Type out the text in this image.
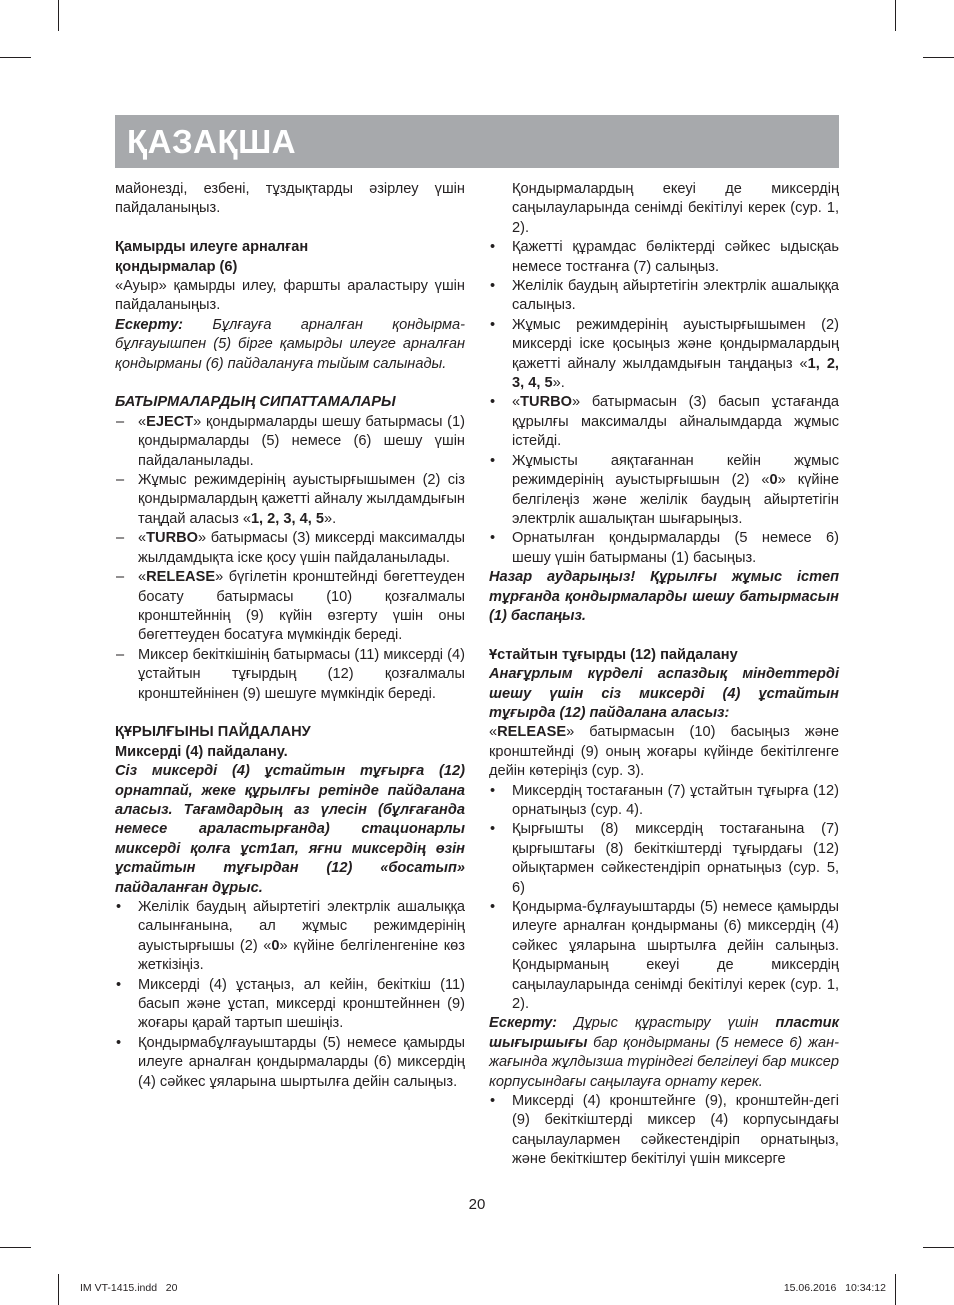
ҚАЗАҚША

майонезді, езбені, тұздықтарды әзірлеу үшін пайдаланыңыз.

Қамырды илеуге арналған
қондырмалар (6)

«Ауыр» қамырды илеу, фаршты араластыру үшін пайдаланыңыз.

Ескерту: Бұлғауға арналған қондырма-бұлғауышпен (5) бірге қамырды илеуге арналған қондырманы (6) пайдалануға тыйым салынады.

БАТЫРМАЛАРДЫҢ СИПАТТАМАЛАРЫ

– «EJECT» қондырмаларды шешу батырмасы (1) қондырмаларды (5) немесе (6) шешу үшін пайдаланылады.
– Жұмыс режимдерінің ауыстырғышымен (2) сіз қондырмалардың қажетті айналу жылдамдығын таңдай аласыз «1, 2, 3, 4, 5».
– «TURBO» батырмасы (3) миксерді максималды жылдамдықта іске қосу үшін пайдаланылады.
– «RELEASE» бүгілетін кронштейнді бөгеттеуден босату батырмасы (10) қозғалмалы кронштейннің (9) күйін өзгерту үшін оны бөгеттеуден босатуға мүмкіндік береді.
– Миксер бекіткішінің батырмасы (11) миксерді (4) ұстайтын тұғырдың (12) қозғалмалы кронштейнінен (9) шешуге мүмкіндік береді.

ҚҰРЫЛҒЫНЫ ПАЙДАЛАНУ

Миксерді (4) пайдалану.

Сіз миксерді (4) ұстайтын тұғырға (12) орнатпай, жеке құрылғы ретінде пайдалана аласыз. Тағамдардың аз үлесін (бұлғағанда немесе араластырғанда) стационарлы миксерді қолға ұст1ап, яғни миксердің өзін ұстайтын тұғырдан (12) «босатып» пайдаланған дұрыс.

• Желілік баудың айыртетігі электрлік ашалыққа салынғанына, ал жұмыс режимдерінің ауыстырғышы (2) «0» күйіне белгіленгеніне көз жеткізіңіз.
• Миксерді (4) ұстаңыз, ал кейін, бекіткіш (11) басып және ұстап, миксерді кронштейннен (9) жоғары қарай тартып шешіңіз.
• Қондырмабұлғауыштарды (5) немесе қамырды илеуге арналған қондырмаларды (6) миксердің (4) сәйкес ұяларына шыртылға дейін салыңыз.

Қондырмалардың екеуі де миксердің саңылауларында сенімді бекітілуі керек (сур. 1, 2).

• Қажетті құрамдас бөліктерді сәйкес ыдысқаь немесе тостғанға (7) салыңыз.
• Желілік баудың айыртетігін электрлік ашалыққа салыңыз.
• Жұмыс режимдерінің ауыстырғышымен (2) миксерді іске қосыңыз және қондырмалардың қажетті айналу жылдамдығын таңдаңыз «1, 2, 3, 4, 5».
• «TURBO» батырмасын (3) басып ұстағанда құрылғы максималды айналымдарда жұмыс істейді.
• Жұмысты аяқтағаннан кейін жұмыс режимдерінің ауыстырғышын (2) «0» күйіне белгілеңіз және желілік баудың айыртетігін электрлік ашалықтан шығарыңыз.
• Орнатылған қондырмаларды (5 немесе 6) шешу үшін батырманы (1) басыңыз.

Назар аударыңыз! Құрылғы жұмыс істеп тұрғанда қондырмаларды шешу батырмасын (1) баспаңыз.

Ұстайтын тұғырды (12) пайдалану

Анағұрлым күрделі аспаздық міндеттерді шешу үшін сіз миксерді (4) ұстайтын тұғырда (12) пайдалана аласыз:

«RELEASE» батырмасын (10) басыңыз және кронштейнді (9) оның жоғары күйінде бекітілгенге дейін көтеріңіз (сур. 3).

• Миксердің тостағанын (7) ұстайтын тұғырға (12) орнатыңыз (сур. 4).
• Қырғышты (8) миксердің тостағанына (7) қырғыштағы (8) бекіткіштерді тұғырдағы (12) ойықтармен сәйкестендіріп орнатыңыз (сур. 5, 6)
• Қондырма-бұлғауыштарды (5) немесе қамырды илеуге арналған қондырманы (6) миксердің (4) сәйкес ұяларына шыртылға дейін салыңыз. Қондырманың екеуі де миксердің саңылауларында сенімді бекітілуі керек (сур. 1, 2).

Ескерту: Дұрыс құрастыру үшін пластик шығыршығы бар қондырманы (5 немесе 6) жан-жағында жұлдызша түріндегі белгілеуі бар миксер корпусындағы саңылауға орнату керек.

• Миксерді (4) кронштейнге (9), кронштейн-дегі (9) бекіткіштерді миксер (4) корпусындағы саңылаулармен сәйкестендіріп орнатыңыз, және бекіткіштер бекітілуі үшін миксерге
20
IM VT-1415.indd   20	15.06.2016   10:34:12
